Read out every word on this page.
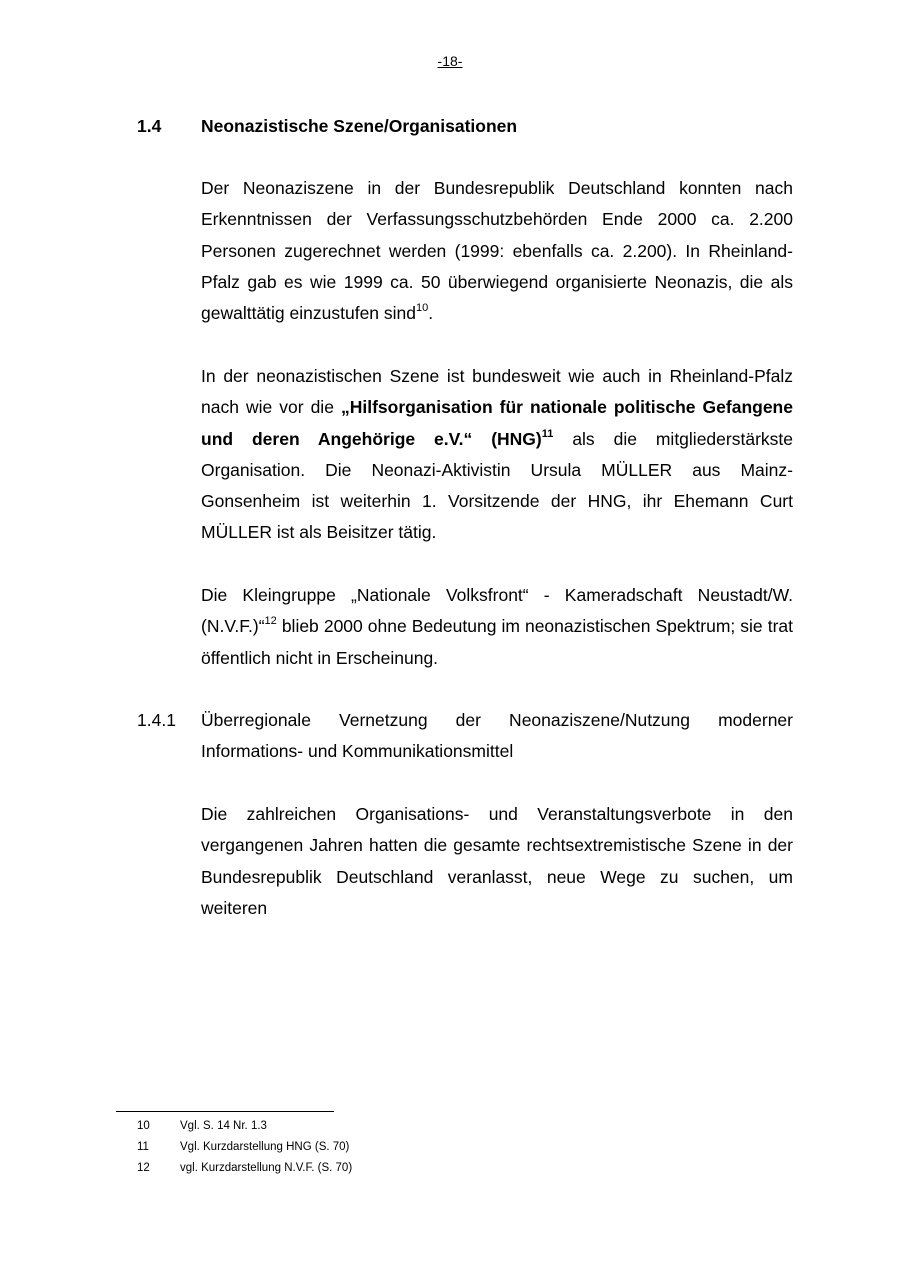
-18-
1.4 Neonazistische Szene/Organisationen
Der Neonaziszene in der Bundesrepublik Deutschland konnten nach Erkenntnissen der Verfassungsschutzbehörden Ende 2000 ca. 2.200 Personen zugerechnet werden (1999: ebenfalls ca. 2.200). In Rheinland-Pfalz gab es wie 1999 ca. 50 überwiegend organisierte Neonazis, die als gewalttätig einzustufen sind$^{10}$.
In der neonazistischen Szene ist bundesweit wie auch in Rheinland-Pfalz nach wie vor die „Hilfsorganisation für nationale politische Gefangene und deren Angehörige e.V.“ (HNG)$^{11}$ als die mitgliederstärkste Organisation. Die Neonazi-Aktivistin Ursula MÜLLER aus Mainz-Gonsenheim ist weiterhin 1. Vorsitzende der HNG, ihr Ehemann Curt MÜLLER ist als Beisitzer tätig.
Die Kleingruppe „Nationale Volksfront“ - Kameradschaft Neustadt/W. (N.V.F.)“$^{12}$ blieb 2000 ohne Bedeutung im neonazistischen Spektrum; sie trat öffentlich nicht in Erscheinung.
1.4.1 Überregionale Vernetzung der Neonaziszene/Nutzung moderner Informations- und Kommunikationsmittel
Die zahlreichen Organisations- und Veranstaltungsverbote in den vergangenen Jahren hatten die gesamte rechtsextremistische Szene in der Bundesrepublik Deutschland veranlasst, neue Wege zu suchen, um weiteren
10	Vgl. S. 14 Nr. 1.3
11	Vgl. Kurzdarstellung HNG (S. 70)
12	vgl. Kurzdarstellung N.V.F. (S. 70)
